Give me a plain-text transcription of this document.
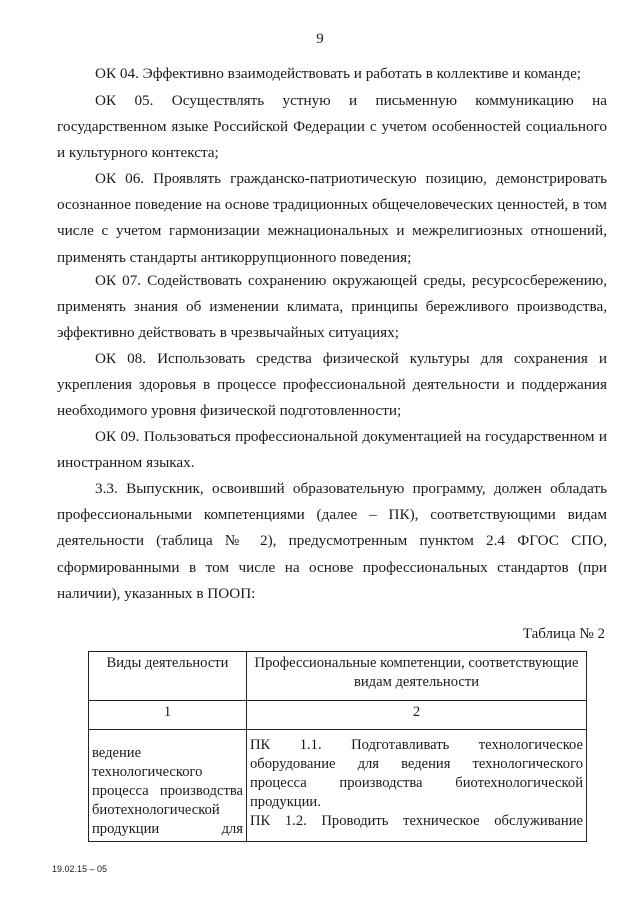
9

ОК 04. Эффективно взаимодействовать и работать в коллективе и команде;

ОК 05. Осуществлять устную и письменную коммуникацию на государственном языке Российской Федерации с учетом особенностей социального и культурного контекста;

ОК 06. Проявлять гражданско-патриотическую позицию, демонстрировать осознанное поведение на основе традиционных общечеловеческих ценностей, в том числе с учетом гармонизации межнациональных и межрелигиозных отношений, применять стандарты антикоррупционного поведения;

ОК 07. Содействовать сохранению окружающей среды, ресурсосбережению, применять знания об изменении климата, принципы бережливого производства, эффективно действовать в чрезвычайных ситуациях;

ОК 08. Использовать средства физической культуры для сохранения и укрепления здоровья в процессе профессиональной деятельности и поддержания необходимого уровня физической подготовленности;

ОК 09. Пользоваться профессиональной документацией на государственном и иностранном языках.

3.3. Выпускник, освоивший образовательную программу, должен обладать профессиональными компетенциями (далее – ПК), соответствующими видам деятельности (таблица № 2), предусмотренным пунктом 2.4 ФГОС СПО, сформированными в том числе на основе профессиональных стандартов (при наличии), указанных в ПООП:

Таблица № 2
Виды деятельности	Профессиональные компетенции, соответствующие видам деятельности
1	2
ведение технологического процесса производства биотехнологической продукции для	ПК 1.1. Подготавливать технологическое оборудование для ведения технологического процесса производства биотехнологической продукции.
ПК 1.2. Проводить техническое обслуживание
19.02.15 – 05
